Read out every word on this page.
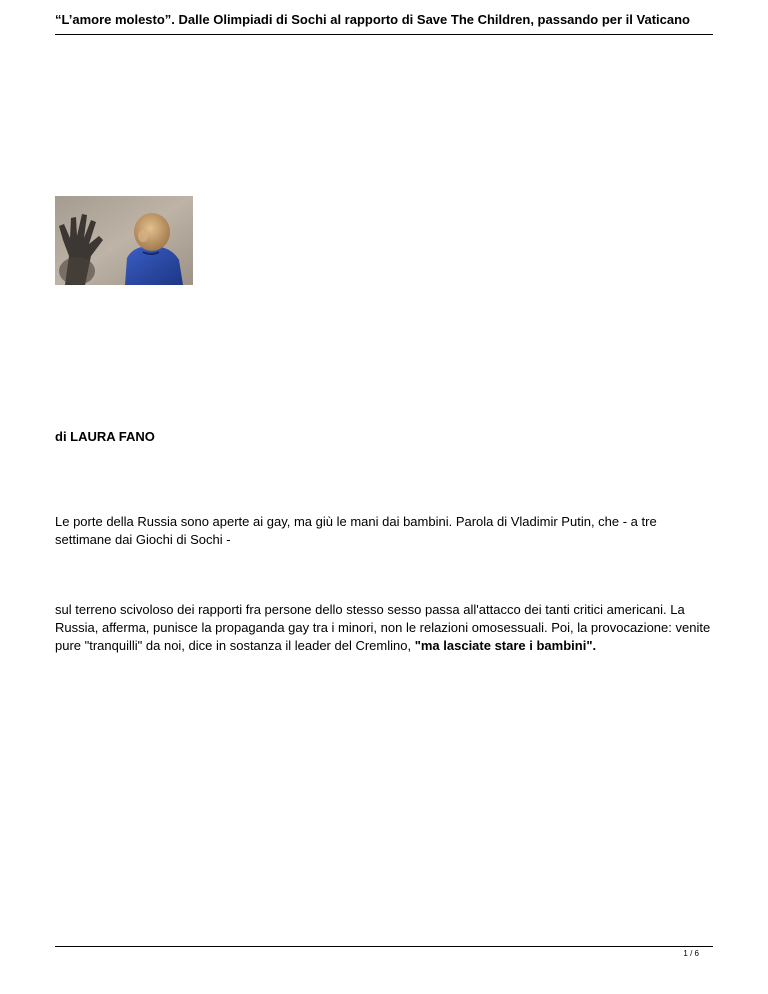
“L’amore molesto”. Dalle Olimpiadi di Sochi al rapporto di Save The Children, passando per il Vaticano
di LAURA FANO
Le porte della Russia sono aperte ai gay, ma giù le mani dai bambini. Parola di Vladimir Putin, che - a tre settimane dai Giochi di Sochi -
sul terreno scivoloso dei rapporti fra persone dello stesso sesso passa all'attacco dei tanti critici americani. La Russia, afferma, punisce la propaganda gay tra i minori, non le relazioni omosessuali. Poi, la provocazione: venite pure "tranquilli" da noi, dice in sostanza il leader del Cremlino, "ma lasciate stare i bambini".
1 / 6
